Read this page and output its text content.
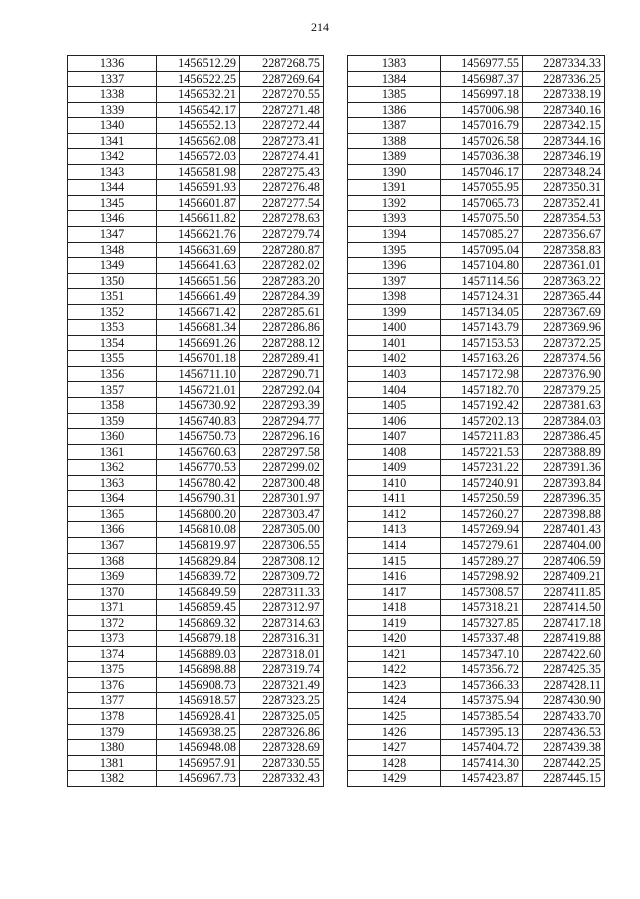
214
1336	1456512.29	2287268.75
1337	1456522.25	2287269.64
1338	1456532.21	2287270.55
1339	1456542.17	2287271.48
1340	1456552.13	2287272.44
1341	1456562.08	2287273.41
1342	1456572.03	2287274.41
1343	1456581.98	2287275.43
1344	1456591.93	2287276.48
1345	1456601.87	2287277.54
1346	1456611.82	2287278.63
1347	1456621.76	2287279.74
1348	1456631.69	2287280.87
1349	1456641.63	2287282.02
1350	1456651.56	2287283.20
1351	1456661.49	2287284.39
1352	1456671.42	2287285.61
1353	1456681.34	2287286.86
1354	1456691.26	2287288.12
1355	1456701.18	2287289.41
1356	1456711.10	2287290.71
1357	1456721.01	2287292.04
1358	1456730.92	2287293.39
1359	1456740.83	2287294.77
1360	1456750.73	2287296.16
1361	1456760.63	2287297.58
1362	1456770.53	2287299.02
1363	1456780.42	2287300.48
1364	1456790.31	2287301.97
1365	1456800.20	2287303.47
1366	1456810.08	2287305.00
1367	1456819.97	2287306.55
1368	1456829.84	2287308.12
1369	1456839.72	2287309.72
1370	1456849.59	2287311.33
1371	1456859.45	2287312.97
1372	1456869.32	2287314.63
1373	1456879.18	2287316.31
1374	1456889.03	2287318.01
1375	1456898.88	2287319.74
1376	1456908.73	2287321.49
1377	1456918.57	2287323.25
1378	1456928.41	2287325.05
1379	1456938.25	2287326.86
1380	1456948.08	2287328.69
1381	1456957.91	2287330.55
1382	1456967.73	2287332.43
1383	1456977.55	2287334.33
1384	1456987.37	2287336.25
1385	1456997.18	2287338.19
1386	1457006.98	2287340.16
1387	1457016.79	2287342.15
1388	1457026.58	2287344.16
1389	1457036.38	2287346.19
1390	1457046.17	2287348.24
1391	1457055.95	2287350.31
1392	1457065.73	2287352.41
1393	1457075.50	2287354.53
1394	1457085.27	2287356.67
1395	1457095.04	2287358.83
1396	1457104.80	2287361.01
1397	1457114.56	2287363.22
1398	1457124.31	2287365.44
1399	1457134.05	2287367.69
1400	1457143.79	2287369.96
1401	1457153.53	2287372.25
1402	1457163.26	2287374.56
1403	1457172.98	2287376.90
1404	1457182.70	2287379.25
1405	1457192.42	2287381.63
1406	1457202.13	2287384.03
1407	1457211.83	2287386.45
1408	1457221.53	2287388.89
1409	1457231.22	2287391.36
1410	1457240.91	2287393.84
1411	1457250.59	2287396.35
1412	1457260.27	2287398.88
1413	1457269.94	2287401.43
1414	1457279.61	2287404.00
1415	1457289.27	2287406.59
1416	1457298.92	2287409.21
1417	1457308.57	2287411.85
1418	1457318.21	2287414.50
1419	1457327.85	2287417.18
1420	1457337.48	2287419.88
1421	1457347.10	2287422.60
1422	1457356.72	2287425.35
1423	1457366.33	2287428.11
1424	1457375.94	2287430.90
1425	1457385.54	2287433.70
1426	1457395.13	2287436.53
1427	1457404.72	2287439.38
1428	1457414.30	2287442.25
1429	1457423.87	2287445.15
